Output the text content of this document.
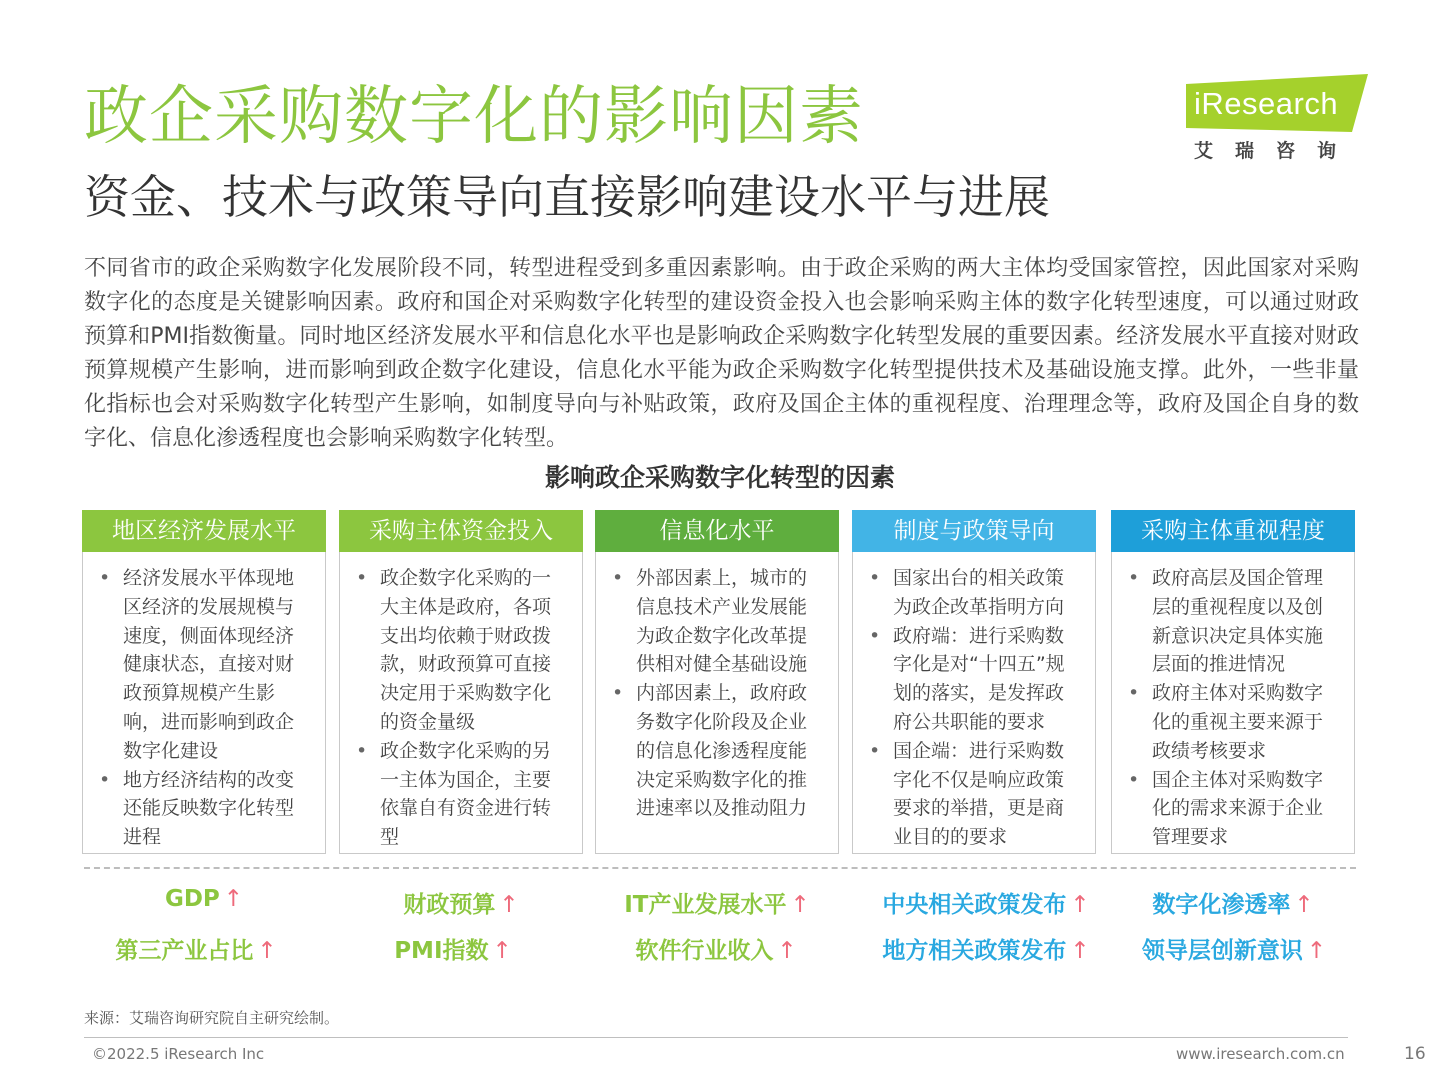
政企采购数字化的影响因素
资金、技术与政策导向直接影响建设水平与进展
iResearch
艾瑞咨询
不同省市的政企采购数字化发展阶段不同，转型进程受到多重因素影响。由于政企采购的两大主体均受国家管控，因此国家对采购数字化的态度是关键影响因素。政府和国企对采购数字化转型的建设资金投入也会影响采购主体的数字化转型速度，可以通过财政预算和PMI指数衡量。同时地区经济发展水平和信息化水平也是影响政企采购数字化转型发展的重要因素。经济发展水平直接对财政预算规模产生影响，进而影响到政企数字化建设，信息化水平能为政企采购数字化转型提供技术及基础设施支撑。此外，一些非量化指标也会对采购数字化转型产生影响，如制度导向与补贴政策，政府及国企主体的重视程度、治理理念等，政府及国企自身的数字化、信息化渗透程度也会影响采购数字化转型。
影响政企采购数字化转型的因素
地区经济发展水平
• 经济发展水平体现地区经济的发展规模与速度，侧面体现经济健康状态，直接对财政预算规模产生影响，进而影响到政企数字化建设
• 地方经济结构的改变还能反映数字化转型进程
采购主体资金投入
• 政企数字化采购的一大主体是政府，各项支出均依赖于财政拨款，财政预算可直接决定用于采购数字化的资金量级
• 政企数字化采购的另一主体为国企，主要依靠自有资金进行转型
信息化水平
• 外部因素上，城市的信息技术产业发展能为政企数字化改革提供相对健全基础设施
• 内部因素上，政府政务数字化阶段及企业的信息化渗透程度能决定采购数字化的推进速率以及推动阻力
制度与政策导向
• 国家出台的相关政策为政企改革指明方向
• 政府端：进行采购数字化是对“十四五”规划的落实，是发挥政府公共职能的要求
• 国企端：进行采购数字化不仅是响应政策要求的举措，更是商业目的的要求
采购主体重视程度
• 政府高层及国企管理层的重视程度以及创新意识决定具体实施层面的推进情况
• 政府主体对采购数字化的重视主要来源于政绩考核要求
• 国企主体对采购数字化的需求来源于企业管理要求
GDP ↑	财政预算 ↑	IT产业发展水平 ↑	中央相关政策发布 ↑	数字化渗透率 ↑
第三产业占比 ↑	PMI指数 ↑	软件行业收入 ↑	地方相关政策发布 ↑ 领导层创新意识 ↑
来源：艾瑞咨询研究院自主研究绘制。
©2022.5 iResearch Inc	www.iresearch.com.cn	16
